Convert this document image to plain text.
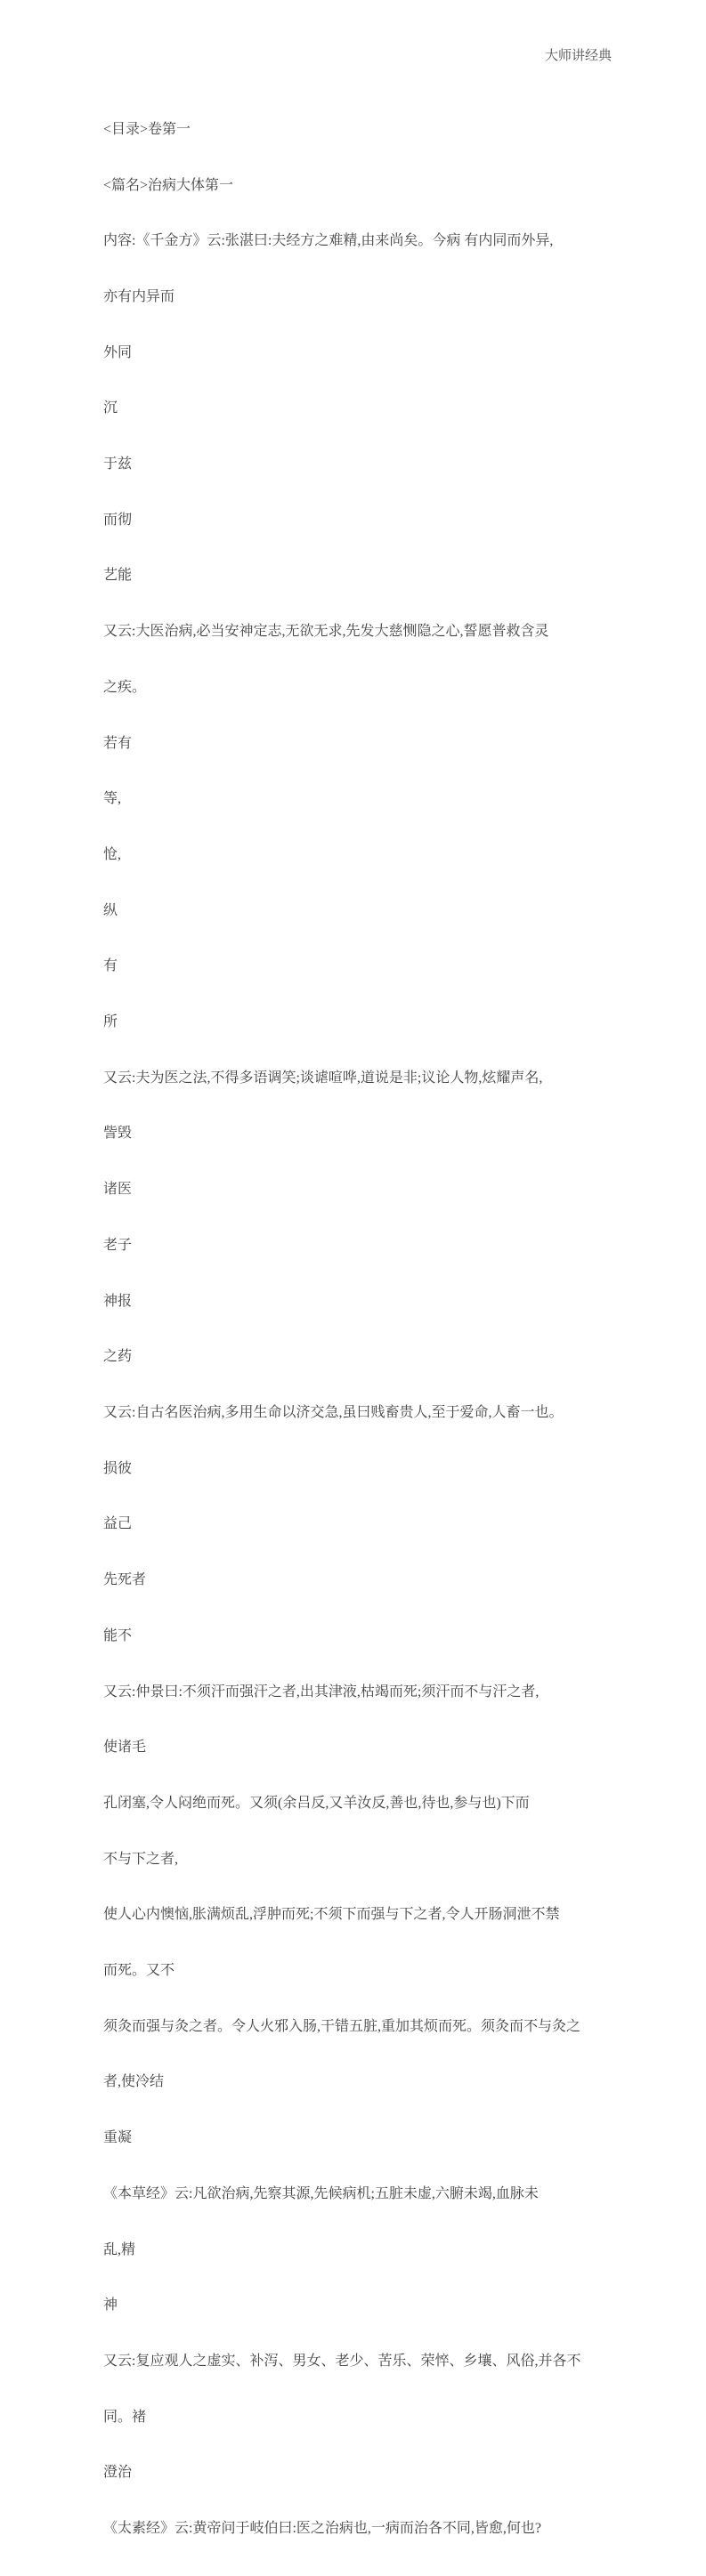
大师讲经典

<目录>卷第一

<篇名>治病大体第一

内容:《千金方》云:张湛曰:夫经方之难精,由来尚矣。今病 有内同而外异,

亦有内异而

外同

沉

于兹

而彻

艺能

又云:大医治病,必当安神定志,无欲无求,先发大慈恻隐之心,誓愿普救含灵

之疾。

若有

等,

怆,

纵

有

所

又云:夫为医之法,不得多语调笑;谈谑喧哗,道说是非;议论人物,炫耀声名,

訾毁

诸医

老子

神报

之药

又云:自古名医治病,多用生命以济交急,虽曰贱畜贵人,至于爱命,人畜一也。

损彼

益己

先死者

能不

又云:仲景曰:不须汗而强汗之者,出其津液,枯竭而死;须汗而不与汗之者,

使诸毛

孔闭塞,令人闷绝而死。又须(余吕反,又羊汝反,善也,待也,参与也)下而

不与下之者,

使人心内懊恼,胀满烦乱,浮肿而死;不须下而强与下之者,令人开肠洞泄不禁

而死。又不

须灸而强与灸之者。令人火邪入肠,干错五脏,重加其烦而死。须灸而不与灸之

者,使冷结

重凝

《本草经》云:凡欲治病,先察其源,先候病机;五脏未虚,六腑未竭,血脉未

乱,精

神

又云:复应观人之虚实、补泻、男女、老少、苦乐、荣悴、乡壤、风俗,并各不

同。褚

澄治

《太素经》云:黄帝问于岐伯曰:医之治病也,一病而治各不同,皆愈,何也?
